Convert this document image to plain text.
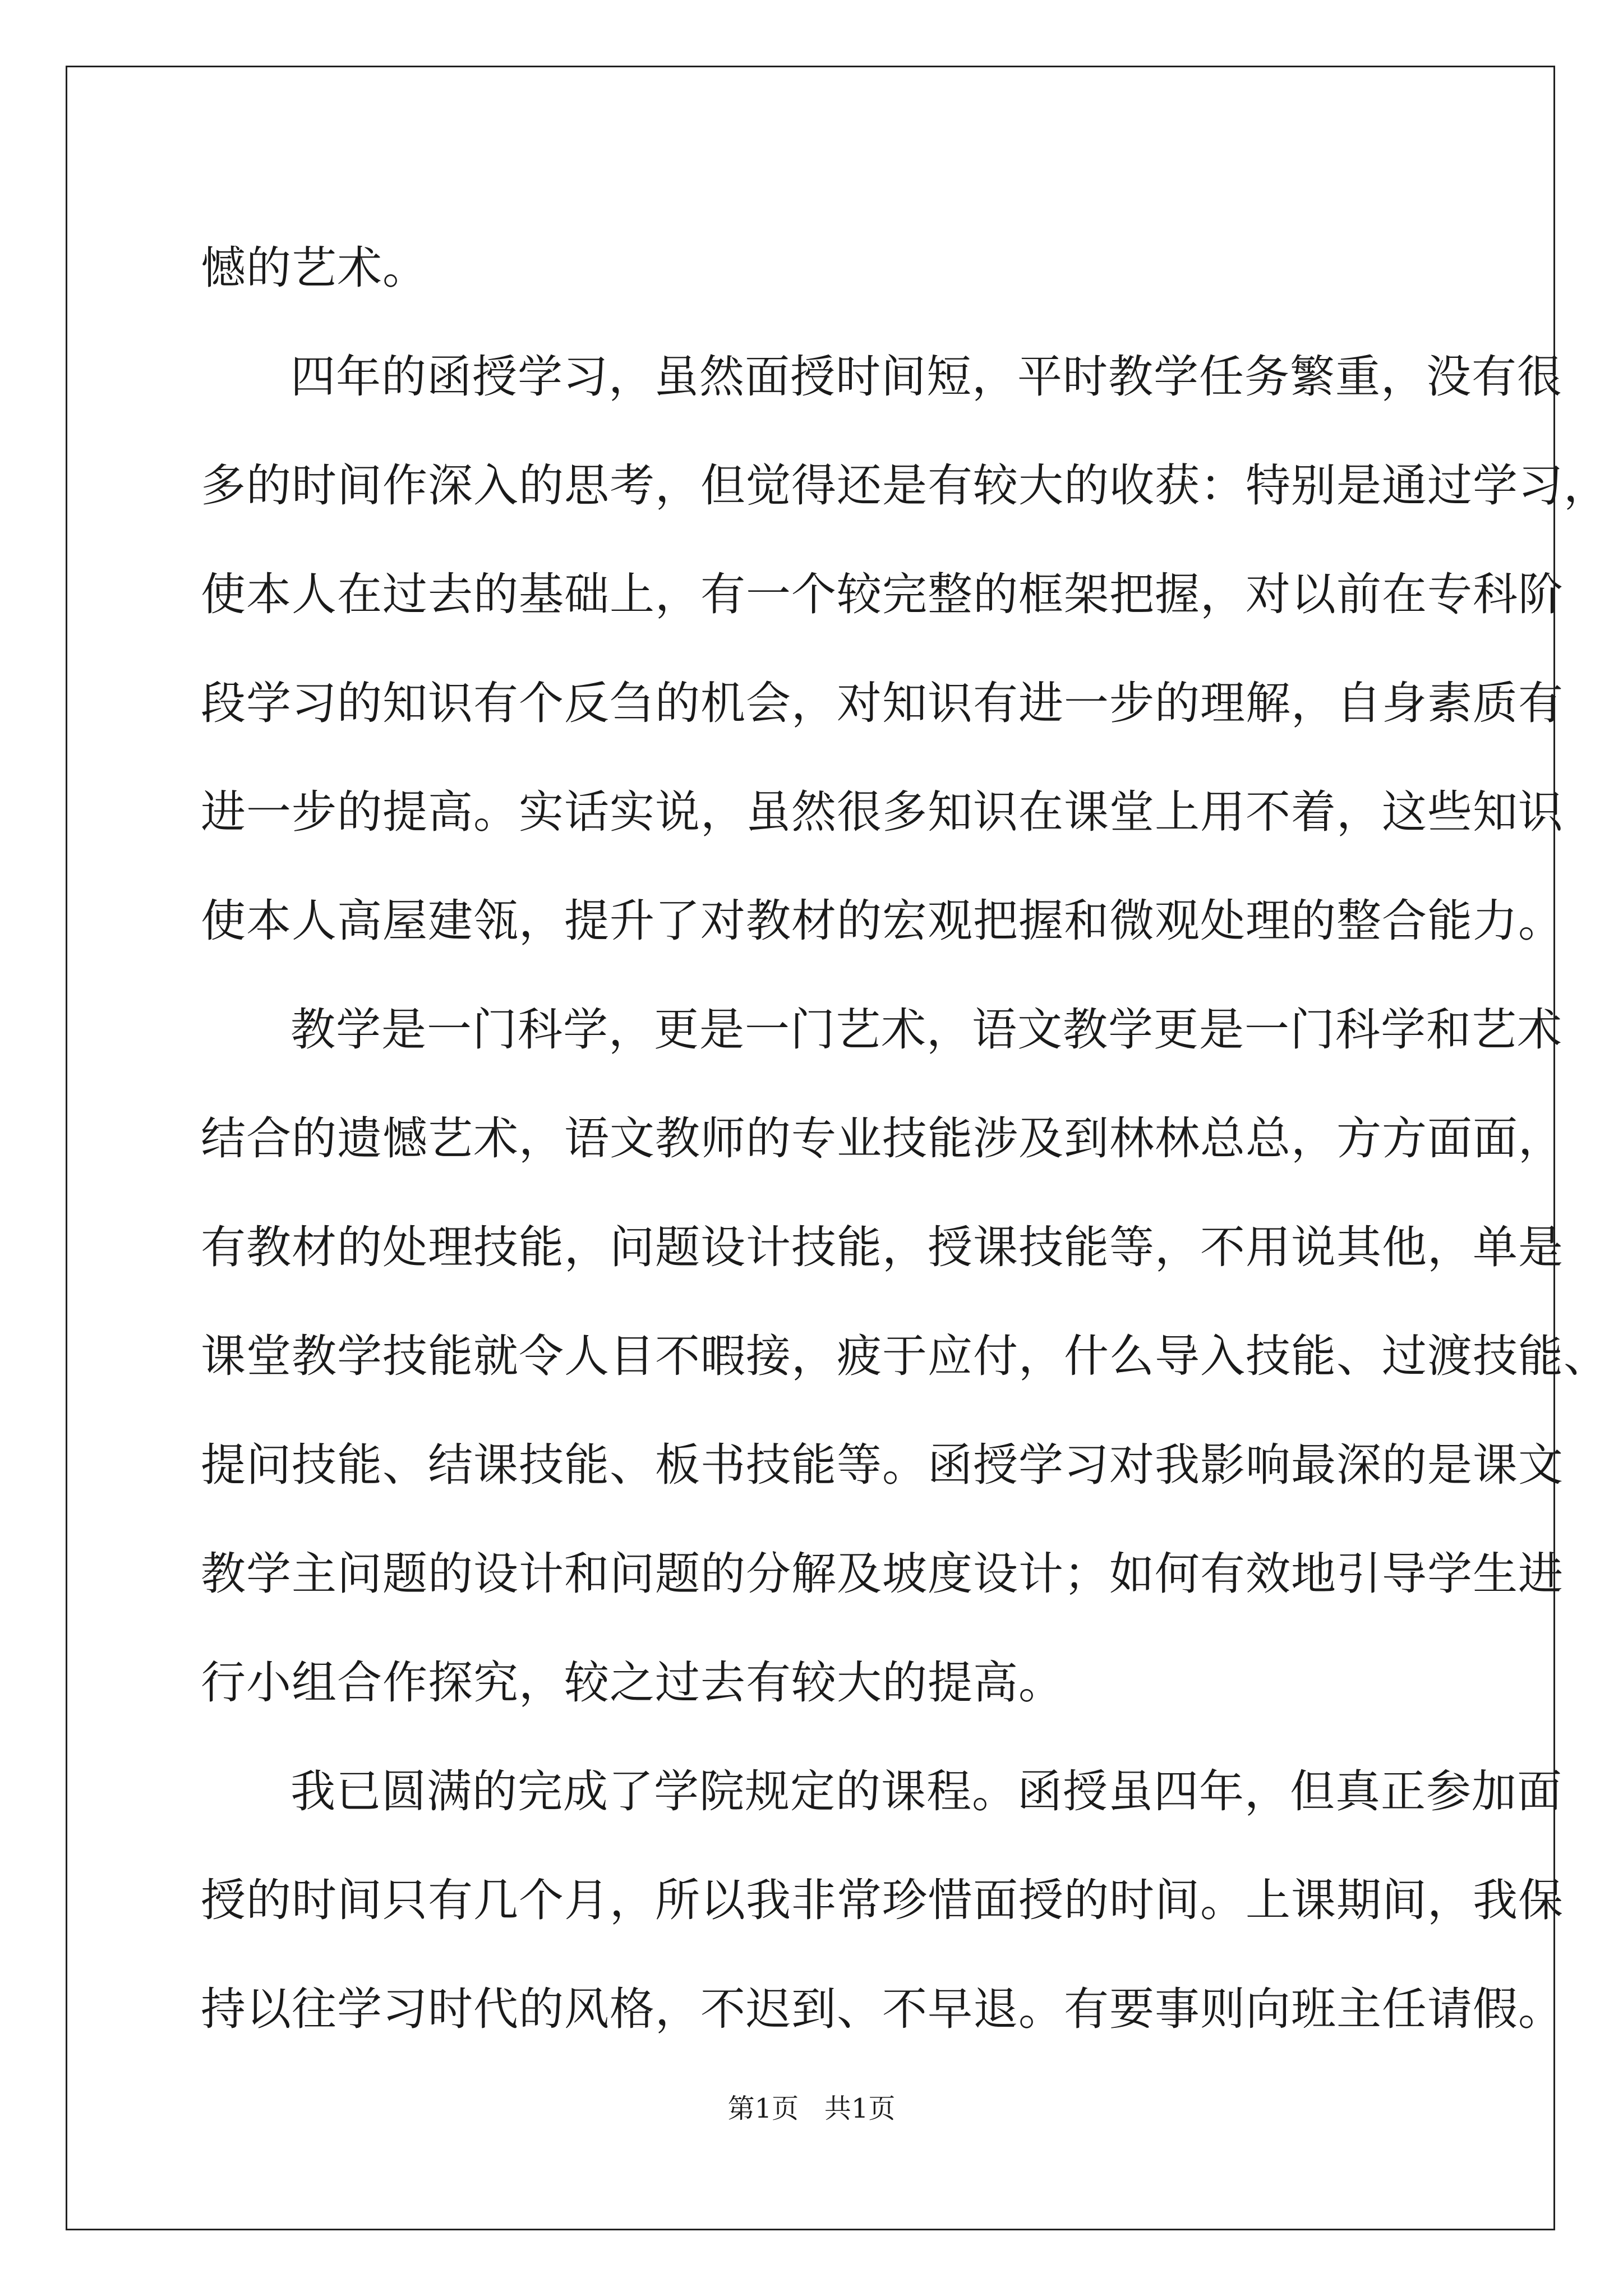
憾的艺术。

四年的函授学习，虽然面授时间短，平时教学任务繁重，没有很

多的时间作深入的思考，但觉得还是有较大的收获：特别是通过学习，

使本人在过去的基础上，有一个较完整的框架把握，对以前在专科阶

段学习的知识有个反刍的机会，对知识有进一步的理解，自身素质有

进一步的提高。实话实说，虽然很多知识在课堂上用不着，这些知识

使本人高屋建瓴，提升了对教材的宏观把握和微观处理的整合能力。

教学是一门科学，更是一门艺术，语文教学更是一门科学和艺术

结合的遗憾艺术，语文教师的专业技能涉及到林林总总，方方面面，

有教材的处理技能，问题设计技能，授课技能等，不用说其他，单是

课堂教学技能就令人目不暇接，疲于应付，什么导入技能、过渡技能、

提问技能、结课技能、板书技能等。函授学习对我影响最深的是课文

教学主问题的设计和问题的分解及坡度设计；如何有效地引导学生进

行小组合作探究，较之过去有较大的提高。

我已圆满的完成了学院规定的课程。函授虽四年，但真正参加面

授的时间只有几个月，所以我非常珍惜面授的时间。上课期间，我保

持以往学习时代的风格，不迟到、不早退。有要事则向班主任请假。

第1页   共1页
